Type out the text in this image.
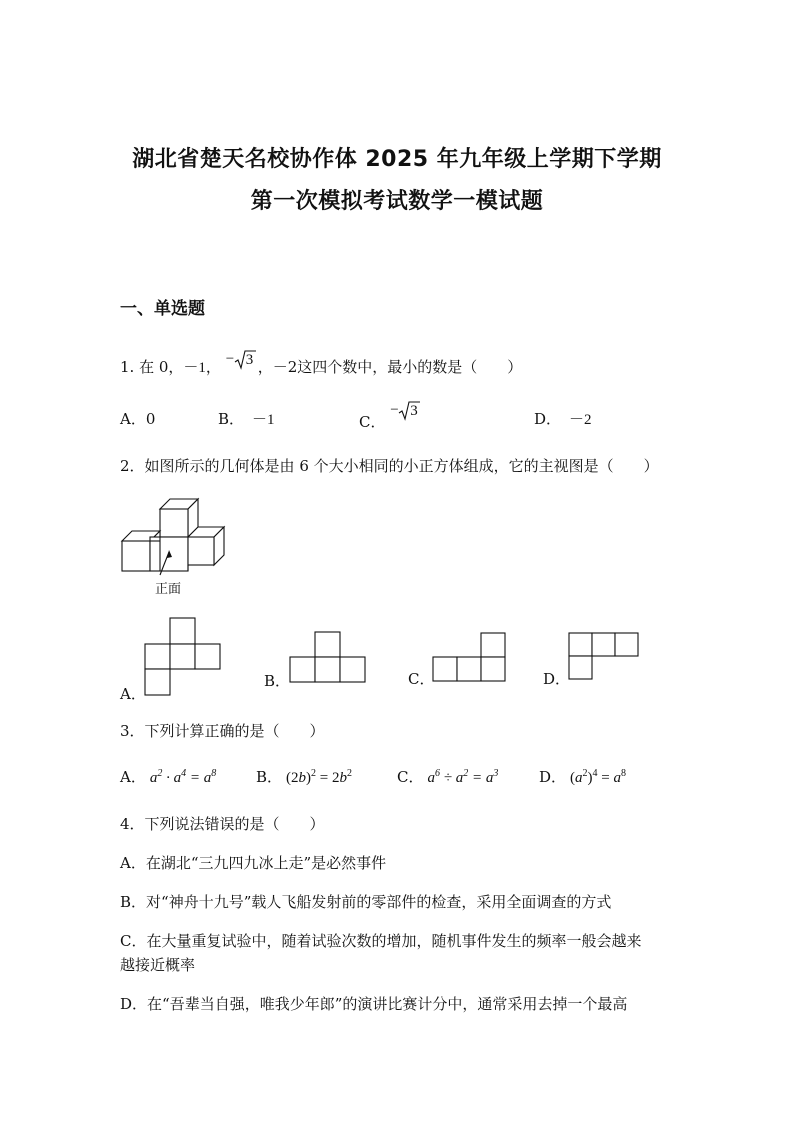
湖北省楚天名校协作体 2025 年九年级上学期下学期
第一次模拟考试数学一模试题
一、单选题
1. 在 0，－1，
− 3 ，－2这四个数中，最小的数是（　　）
A．0	B． －1	C．
− 3	D． －2
2．如图所示的几何体是由 6 个大小相同的小正方体组成，它的主视图是（　　）
正面
A．
B．	C．	D．
3．下列计算正确的是（　　）
A． $a^2 \cdot a^4 = a^8$	B． $(2b)^2 = 2b^2$	C． $a^6 \div a^2 = a^3$	D． $(a^2)^4 = a^8$
4．下列说法错误的是（　　）
A．在湖北“三九四九冰上走”是必然事件
B．对“神舟十九号”载人飞船发射前的零部件的检查，采用全面调查的方式
C．在大量重复试验中，随着试验次数的增加，随机事件发生的频率一般会越来
越接近概率
D．在“吾辈当自强，唯我少年郎”的演讲比赛计分中，通常采用去掉一个最高
